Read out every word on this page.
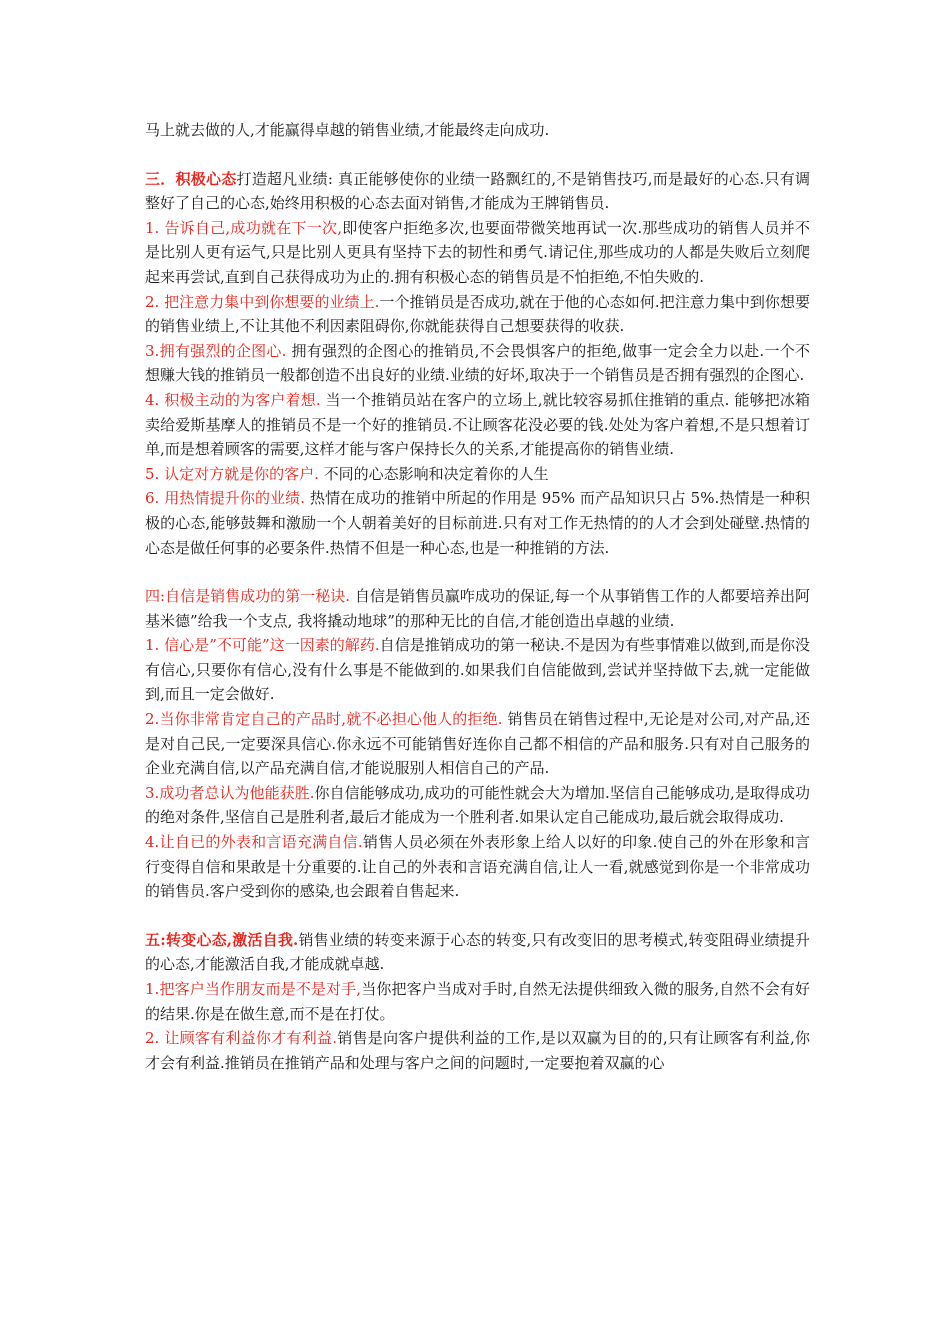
马上就去做的人,才能赢得卓越的销售业绩,才能最终走向成功.

三．积极心态打造超凡业绩: 真正能够使你的业绩一路飘红的,不是销售技巧,而是最好的心态.只有调整好了自己的心态,始终用积极的心态去面对销售,才能成为王牌销售员.

1. 告诉自己,成功就在下一次,即使客户拒绝多次,也要面带微笑地再试一次.那些成功的销售人员并不是比别人更有运气,只是比别人更具有坚持下去的韧性和勇气.请记住,那些成功的人都是失败后立刻爬起来再尝试,直到自己获得成功为止的.拥有积极心态的销售员是不怕拒绝,不怕失败的.

2. 把注意力集中到你想要的业绩上.一个推销员是否成功,就在于他的心态如何.把注意力集中到你想要的销售业绩上,不让其他不利因素阻碍你,你就能获得自己想要获得的收获.

3.拥有强烈的企图心. 拥有强烈的企图心的推销员,不会畏惧客户的拒绝,做事一定会全力以赴.一个不想赚大钱的推销员一般都创造不出良好的业绩.业绩的好坏,取决于一个销售员是否拥有强烈的企图心.

4. 积极主动的为客户着想. 当一个推销员站在客户的立场上,就比较容易抓住推销的重点. 能够把冰箱卖给爱斯基摩人的推销员不是一个好的推销员.不让顾客花没必要的钱.处处为客户着想,不是只想着订单,而是想着顾客的需要,这样才能与客户保持长久的关系,才能提高你的销售业绩.

5. 认定对方就是你的客户. 不同的心态影响和决定着你的人生

6. 用热情提升你的业绩. 热情在成功的推销中所起的作用是 95% 而产品知识只占 5%.热情是一种积极的心态,能够鼓舞和激励一个人朝着美好的目标前进.只有对工作无热情的的人才会到处碰壁.热情的心态是做任何事的必要条件.热情不但是一种心态,也是一种推销的方法.

四:自信是销售成功的第一秘诀. 自信是销售员赢咋成功的保证,每一个从事销售工作的人都要培养出阿基米德”给我一个支点, 我将撬动地球”的那种无比的自信,才能创造出卓越的业绩.

1. 信心是”不可能”这一因素的解药.自信是推销成功的第一秘诀.不是因为有些事情难以做到,而是你没有信心,只要你有信心,没有什么事是不能做到的.如果我们自信能做到,尝试并坚持做下去,就一定能做到,而且一定会做好.

2.当你非常肯定自己的产品时,就不必担心他人的拒绝. 销售员在销售过程中,无论是对公司,对产品,还是对自己民,一定要深具信心.你永远不可能销售好连你自己都不相信的产品和服务.只有对自己服务的企业充满自信,以产品充满自信,才能说服别人相信自己的产品.

3.成功者总认为他能获胜.你自信能够成功,成功的可能性就会大为增加.坚信自己能够成功,是取得成功的绝对条件,坚信自己是胜利者,最后才能成为一个胜利者.如果认定自己能成功,最后就会取得成功.

4.让自已的外表和言语充满自信.销售人员必须在外表形象上给人以好的印象.使自己的外在形象和言行变得自信和果敢是十分重要的.让自己的外表和言语充满自信,让人一看,就感觉到你是一个非常成功的销售员.客户受到你的感染,也会跟着自售起来.

五:转变心态,激活自我.销售业绩的转变来源于心态的转变,只有改变旧的思考模式,转变阻碍业绩提升的心态,才能激活自我,才能成就卓越.

1.把客户当作朋友而是不是对手,当你把客户当成对手时,自然无法提供细致入微的服务,自然不会有好的结果.你是在做生意,而不是在打仗。

2. 让顾客有利益你才有利益.销售是向客户提供利益的工作,是以双赢为目的的,只有让顾客有利益,你才会有利益.推销员在推销产品和处理与客户之间的问题时,一定要抱着双赢的心
